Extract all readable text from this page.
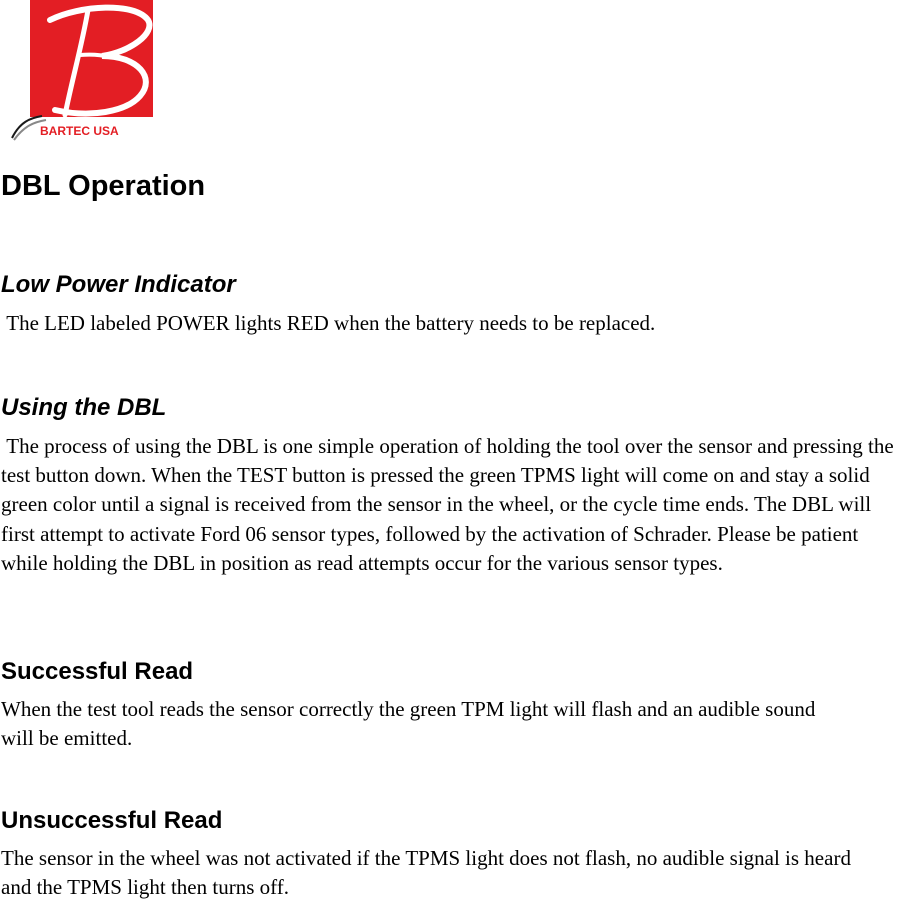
BARTEC USA
DBL Operation
Low Power Indicator

The LED labeled POWER lights RED when the battery needs to be replaced.

Using the DBL

The process of using the DBL is one simple operation of holding the tool over the sensor and pressing the test button down. When the TEST button is pressed the green TPMS light will come on and stay a solid green color until a signal is received from the sensor in the wheel, or the cycle time ends. The DBL will first attempt to activate Ford 06 sensor types, followed by the activation of Schrader. Please be patient while holding the DBL in position as read attempts occur for the various sensor types.

Successful Read

When the test tool reads the sensor correctly the green TPM light will flash and an audible sound will be emitted.

Unsuccessful Read

The sensor in the wheel was not activated if the TPMS light does not flash, no audible signal is heard and the TPMS light then turns off.
